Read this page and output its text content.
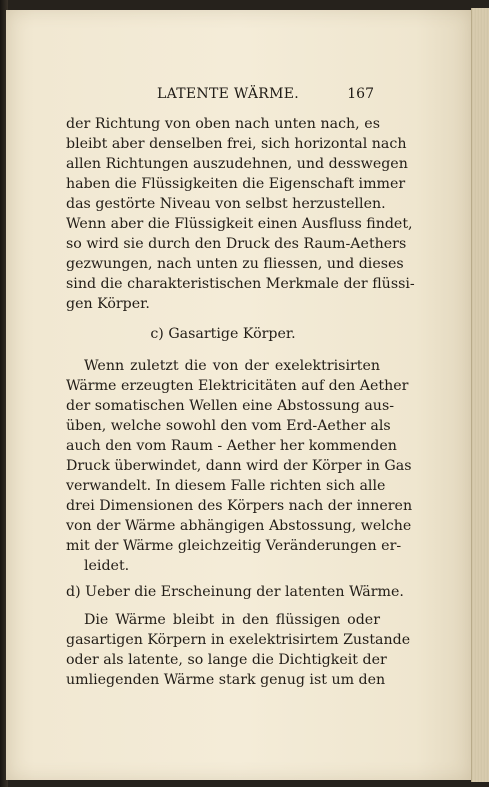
LATENTE WÄRME.	167
der Richtung von oben nach unten nach, es
bleibt aber denselben frei, sich horizontal nach
allen Richtungen auszudehnen, und desswegen
haben die Flüssigkeiten die Eigenschaft immer
das gestörte Niveau von selbst herzustellen.
Wenn aber die Flüssigkeit einen Ausfluss findet,
so wird sie durch den Druck des Raum-Aethers
gezwungen, nach unten zu fliessen, und dieses
sind die charakteristischen Merkmale der flüssi-
gen Körper.
c) Gasartige Körper.
Wenn zuletzt die von der exelektrisirten
Wärme erzeugten Elektricitäten auf den Aether
der somatischen Wellen eine Abstossung aus-
üben, welche sowohl den vom Erd-Aether als
auch den vom Raum - Aether her kommenden
Druck überwindet, dann wird der Körper in Gas
verwandelt. In diesem Falle richten sich alle
drei Dimensionen des Körpers nach der inneren
von der Wärme abhängigen Abstossung, welche
mit der Wärme gleichzeitig Veränderungen er-
leidet.
d) Ueber die Erscheinung der latenten Wärme.
Die Wärme bleibt in den flüssigen oder
gasartigen Körpern in exelektrisirtem Zustande
oder als latente, so lange die Dichtigkeit der
umliegenden Wärme stark genug ist um den
